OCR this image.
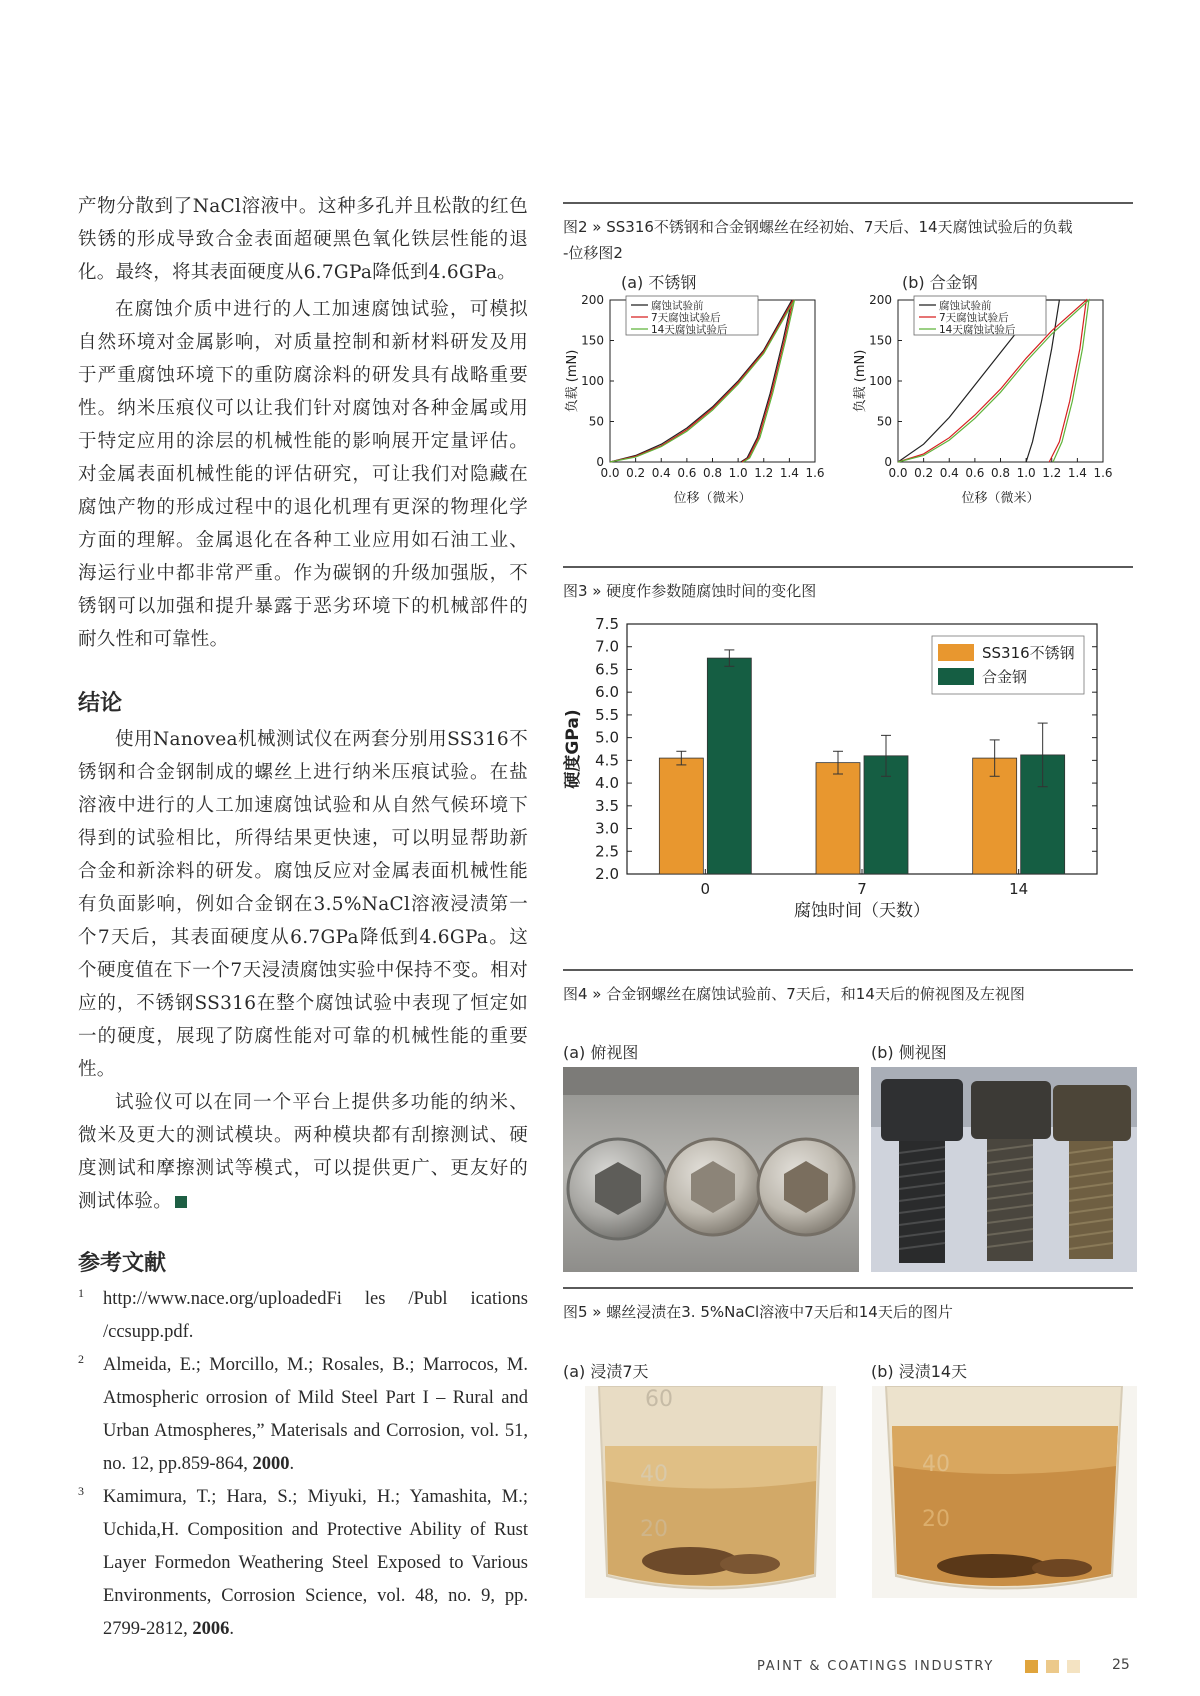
产物分散到了NaCl溶液中。这种多孔并且松散的红色铁锈的形成导致合金表面超硬黑色氧化铁层性能的退化。最终，将其表面硬度从6.7GPa降低到4.6GPa。

在腐蚀介质中进行的人工加速腐蚀试验，可模拟自然环境对金属影响，对质量控制和新材料研发及用于严重腐蚀环境下的重防腐涂料的研发具有战略重要性。纳米压痕仪可以让我们针对腐蚀对各种金属或用于特定应用的涂层的机械性能的影响展开定量评估。对金属表面机械性能的评估研究，可让我们对隐藏在腐蚀产物的形成过程中的退化机理有更深的物理化学方面的理解。金属退化在各种工业应用如石油工业、海运行业中都非常严重。作为碳钢的升级加强版，不锈钢可以加强和提升暴露于恶劣环境下的机械部件的耐久性和可靠性。

结论

使用Nanovea机械测试仪在两套分别用SS316不锈钢和合金钢制成的螺丝上进行纳米压痕试验。在盐溶液中进行的人工加速腐蚀试验和从自然气候环境下得到的试验相比，所得结果更快速，可以明显帮助新合金和新涂料的研发。腐蚀反应对金属表面机械性能有负面影响，例如合金钢在3.5%NaCl溶液浸渍第一个7天后，其表面硬度从6.7GPa降低到4.6GPa。这个硬度值在下一个7天浸渍腐蚀实验中保持不变。相对应的，不锈钢SS316在整个腐蚀试验中表现了恒定如一的硬度，展现了防腐性能对可靠的机械性能的重要性。

试验仪可以在同一个平台上提供多功能的纳米、微米及更大的测试模块。两种模块都有刮擦测试、硬度测试和摩擦测试等模式，可以提供更广、更友好的测试体验。

参考文献

1 http://www.nace.org/uploadedFi les /Publ ications /ccsupp.pdf.

2 Almeida, E.; Morcillo, M.; Rosales, B.; Marrocos, M. Atmospheric orrosion of Mild Steel Part I – Rural and Urban Atmospheres,” Materisals and Corrosion, vol. 51, no. 12, pp.859-864, 2000.

3 Kamimura, T.; Hara, S.; Miyuki, H.; Yamashita, M.; Uchida,H. Composition and Protective Ability of Rust Layer Formedon Weathering Steel Exposed to Various Environments, Corrosion Science, vol. 48, no. 9, pp. 2799-2812, 2006.

图2 » SS316不锈钢和合金钢螺丝在经初始、7天后、14天腐蚀试验后的负载

-位移图2

(a) 不锈钢	(b) 合金钢
0.0 0.2 0.4 0.6 0.8 1.0 1.2 1.4 1.6
0
50
100
150
200
位移（微米）
负载 (mN)
腐蚀试验前
7天腐蚀试验后
14天腐蚀试验后
0.0 0.2 0.4 0.6 0.8 1.0 1.2 1.4 1.6
0
50
100
150
200
位移（微米）
负载 (mN)
腐蚀试验前
7天腐蚀试验后
14天腐蚀试验后

图3 » 硬度作参数随腐蚀时间的变化图

2.0
2.5
3.0
3.5
4.0
4.5
5.0
5.5
6.0
6.5
7.0
7.5
0	7	14
腐蚀时间（天数）
硬度GPa)
SS316不锈钢
合金钢

图4 » 合金钢螺丝在腐蚀试验前、7天后，和14天后的俯视图及左视图

(a) 俯视图	(b) 侧视图

图5 » 螺丝浸渍在3. 5%NaCl溶液中7天后和14天后的图片

(a) 浸渍7天	(b) 浸渍14天
60
40
20
40
20
PAINT & COATINGS INDUSTRY	25
